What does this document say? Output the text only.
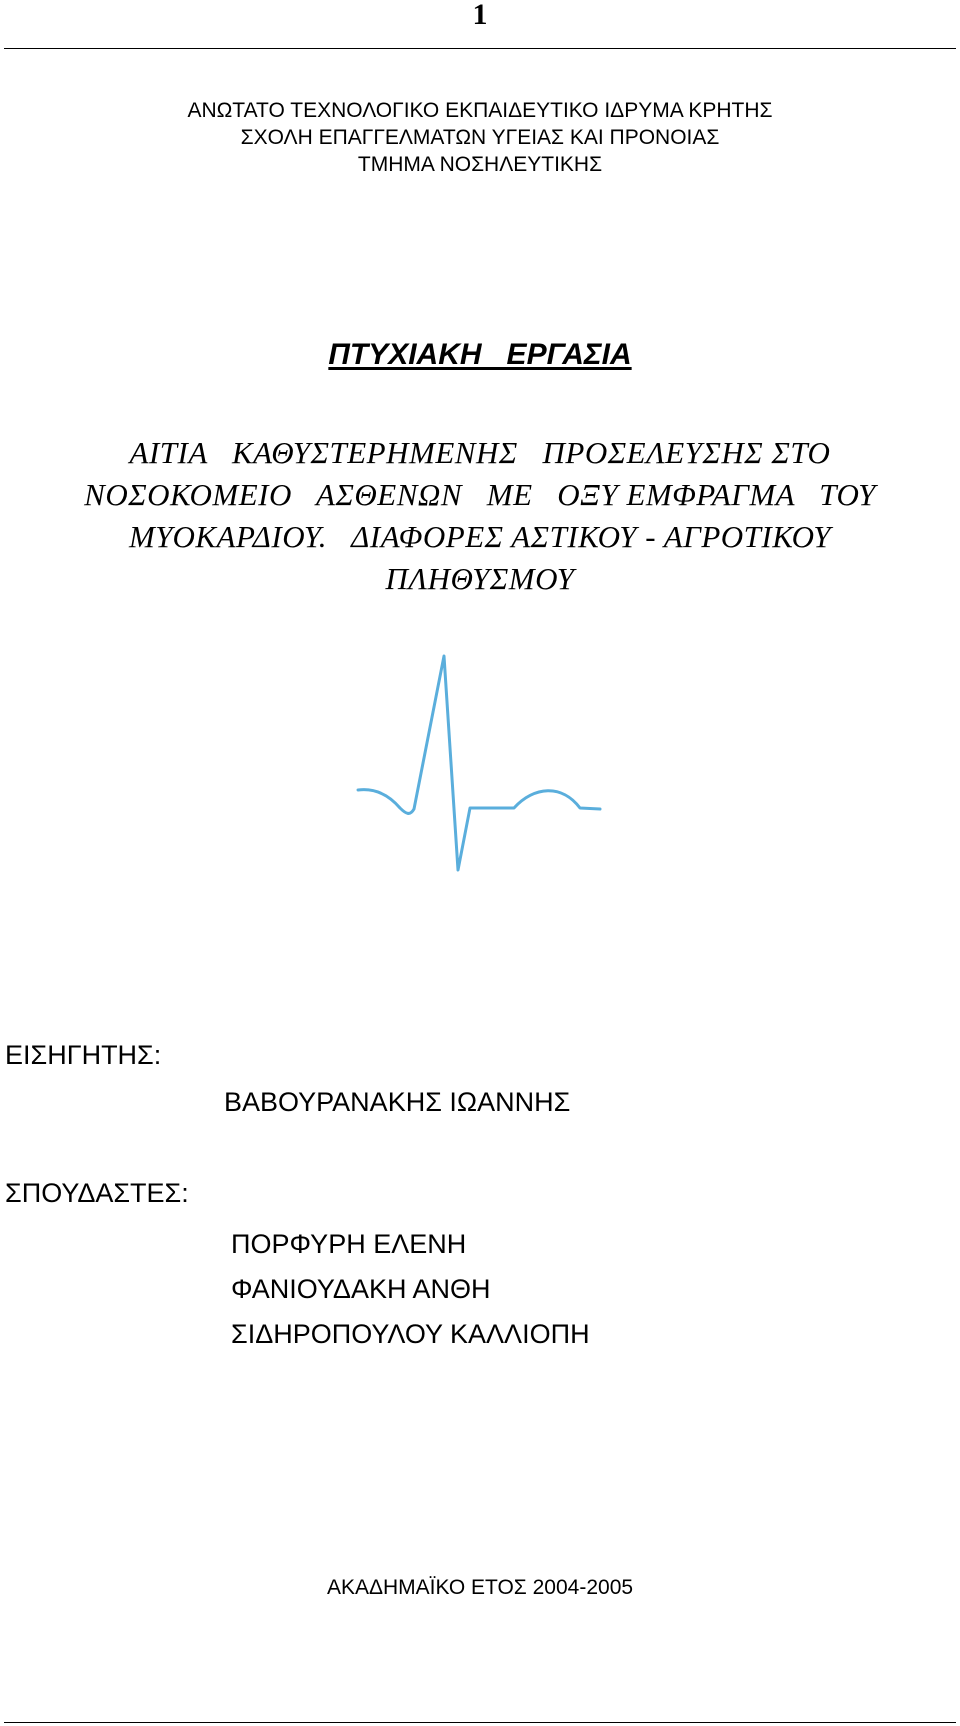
1
ΑΝΩΤΑΤΟ ΤΕΧΝΟΛΟΓΙΚΟ ΕΚΠΑΙΔΕΥΤΙΚΟ ΙΔΡΥΜΑ ΚΡΗΤΗΣ
ΣΧΟΛΗ ΕΠΑΓΓΕΛΜΑΤΩΝ ΥΓΕΙΑΣ ΚΑΙ ΠΡΟΝΟΙΑΣ
ΤΜΗΜΑ ΝΟΣΗΛΕΥΤΙΚΗΣ
ΠΤΥΧΙΑΚΗ   ΕΡΓΑΣΙΑ
ΑΙΤΙΑ   ΚΑΘΥΣΤΕΡΗΜΕΝΗΣ   ΠΡΟΣΕΛΕΥΣΗΣ ΣΤΟ
ΝΟΣΟΚΟΜΕΙΟ   ΑΣΘΕΝΩΝ   ΜΕ   ΟΞΥ ΕΜΦΡΑΓΜΑ   ΤΟΥ
ΜΥΟΚΑΡΔΙΟΥ.   ΔΙΑΦΟΡΕΣ ΑΣΤΙΚΟΥ - ΑΓΡΟΤΙΚΟΥ
ΠΛΗΘΥΣΜΟΥ
ΕΙΣΗΓΗΤΗΣ:
ΒΑΒΟΥΡΑΝΑΚΗΣ ΙΩΑΝΝΗΣ
ΣΠΟΥΔΑΣΤΕΣ:
ΠΟΡΦΥΡΗ ΕΛΕΝΗ
ΦΑΝΙΟΥΔΑΚΗ ΑΝΘΗ
ΣΙΔΗΡΟΠΟΥΛΟΥ ΚΑΛΛΙΟΠΗ
ΑΚΑΔΗΜΑΪΚΟ ΕΤΟΣ 2004-2005
